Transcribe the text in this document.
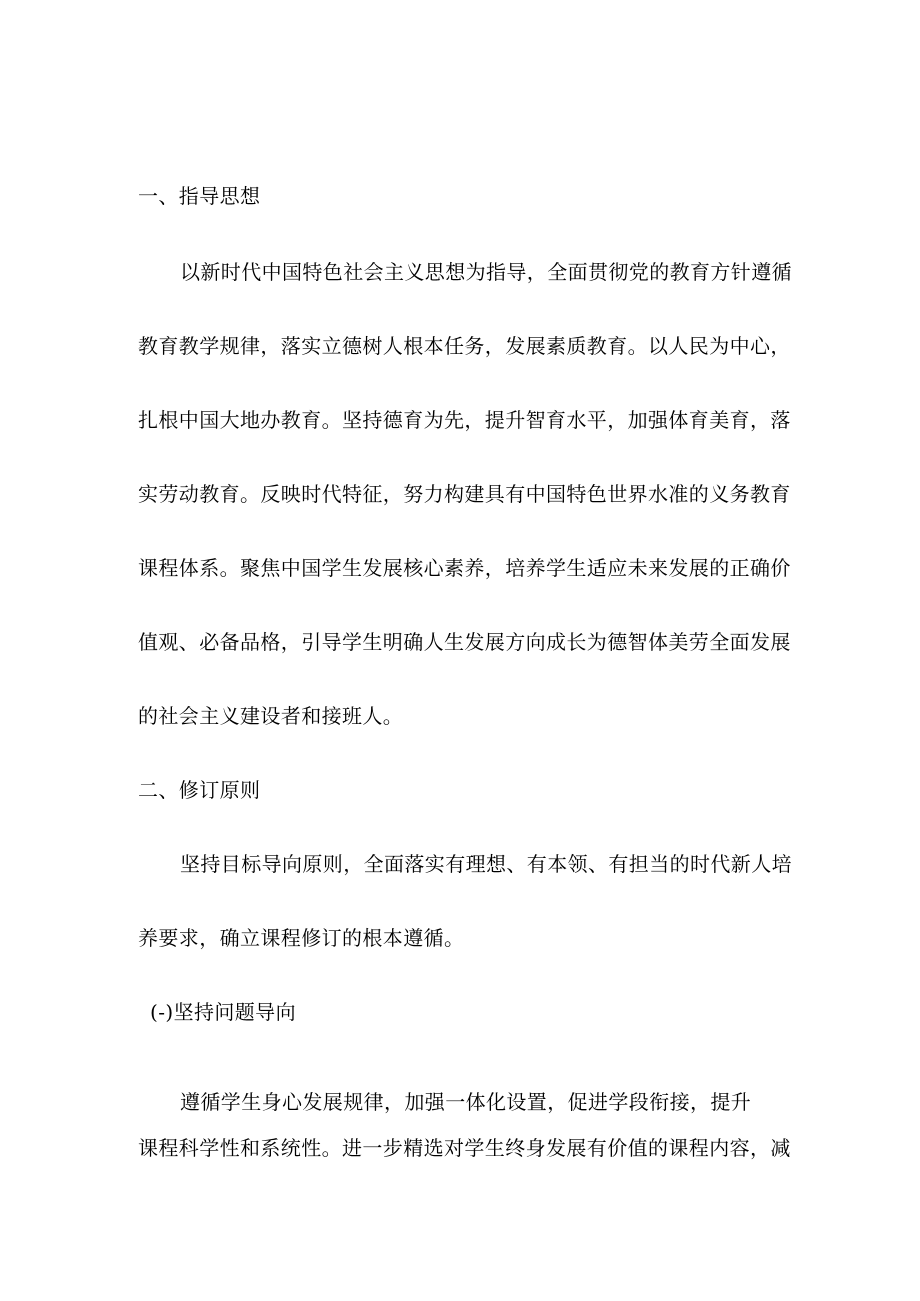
一、指导思想
以新时代中国特色社会主义思想为指导，全面贯彻党的教育方针遵循
教育教学规律，落实立德树人根本任务，发展素质教育。以人民为中心，
扎根中国大地办教育。坚持德育为先，提升智育水平，加强体育美育，落
实劳动教育。反映时代特征，努力构建具有中国特色世界水准的义务教育
课程体系。聚焦中国学生发展核心素养，培养学生适应未来发展的正确价
值观、必备品格，引导学生明确人生发展方向成长为德智体美劳全面发展
的社会主义建设者和接班人。
二、修订原则
坚持目标导向原则，全面落实有理想、有本领、有担当的时代新人培
养要求，确立课程修订的根本遵循。
(-)坚持问题导向
遵循学生身心发展规律，加强一体化设置，促进学段衔接，提升
课程科学性和系统性。进一步精选对学生终身发展有价值的课程内容，减
